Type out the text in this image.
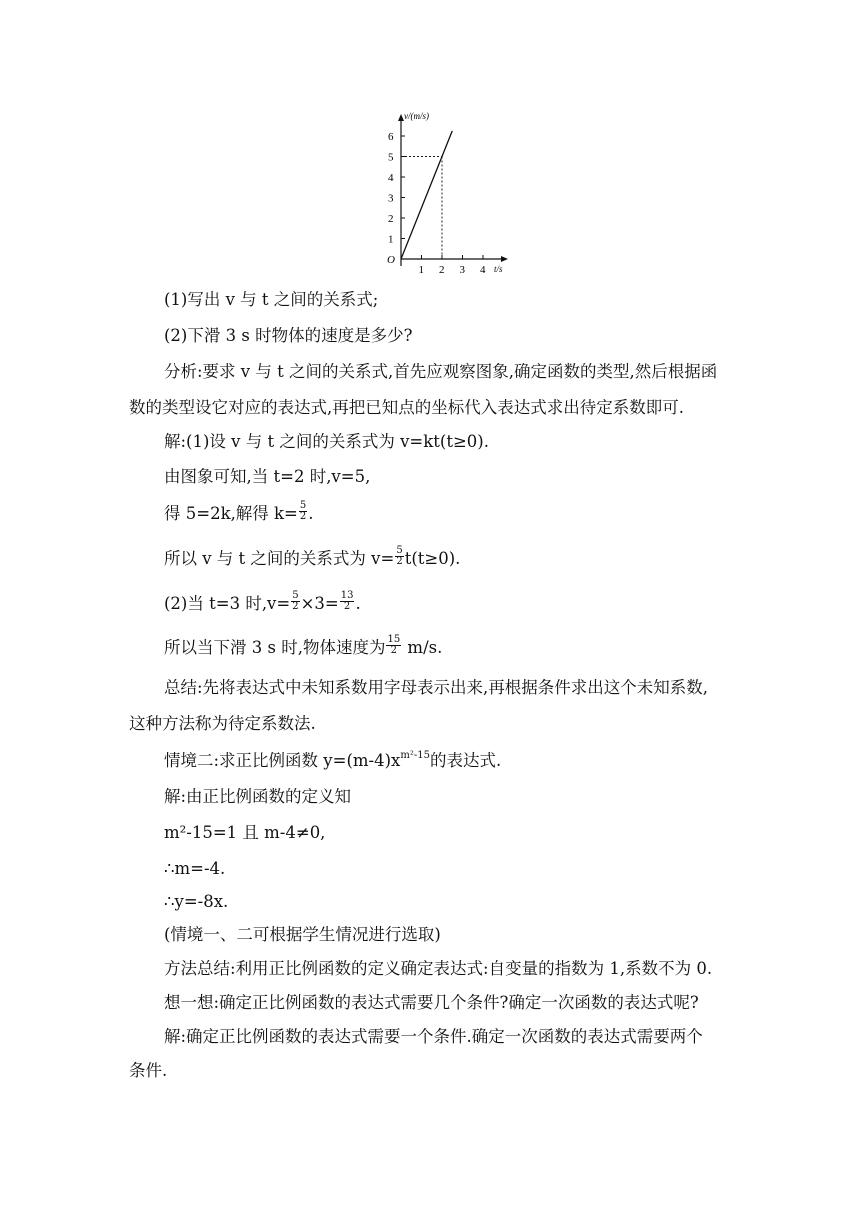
v/(m/s)
t/s
O
1
2
3
4
5
6
1 2 3 4
(1)写出 v 与 t 之间的关系式;
(2)下滑 3 s 时物体的速度是多少?
分析:要求 v 与 t 之间的关系式,首先应观察图象,确定函数的类型,然后根据函
数的类型设它对应的表达式,再把已知点的坐标代入表达式求出待定系数即可.
解:(1)设 v 与 t 之间的关系式为 v=kt(t≥0).
由图象可知,当 t=2 时,v=5,
得 5=2k,解得 $k= \frac{5}{2}$ .
所以 v 与 t 之间的关系式为 $v= \frac{5}{2} t(t\ge 0)$.
(2)当 t=3 时$,v= \frac{5}{2} \times 3= \frac{13}{2}$ .
所以当下滑 3 s 时,物体速度为 $\frac{15}{2} m/s$.
总结:先将表达式中未知系数用字母表示出来,再根据条件求出这个未知系数,
这种方法称为待定系数法.
情境二:求正比例函数 $y=(m-4)x^{m^2-15}$的表达式.
解:由正比例函数的定义知
m²-15=1 且 m-4≠0,
∴m=-4.
∴y=-8x.
(情境一、二可根据学生情况进行选取)
方法总结:利用正比例函数的定义确定表达式:自变量的指数为 1,系数不为 0.
想一想:确定正比例函数的表达式需要几个条件?确定一次函数的表达式呢?
解:确定正比例函数的表达式需要一个条件.确定一次函数的表达式需要两个
条件.
